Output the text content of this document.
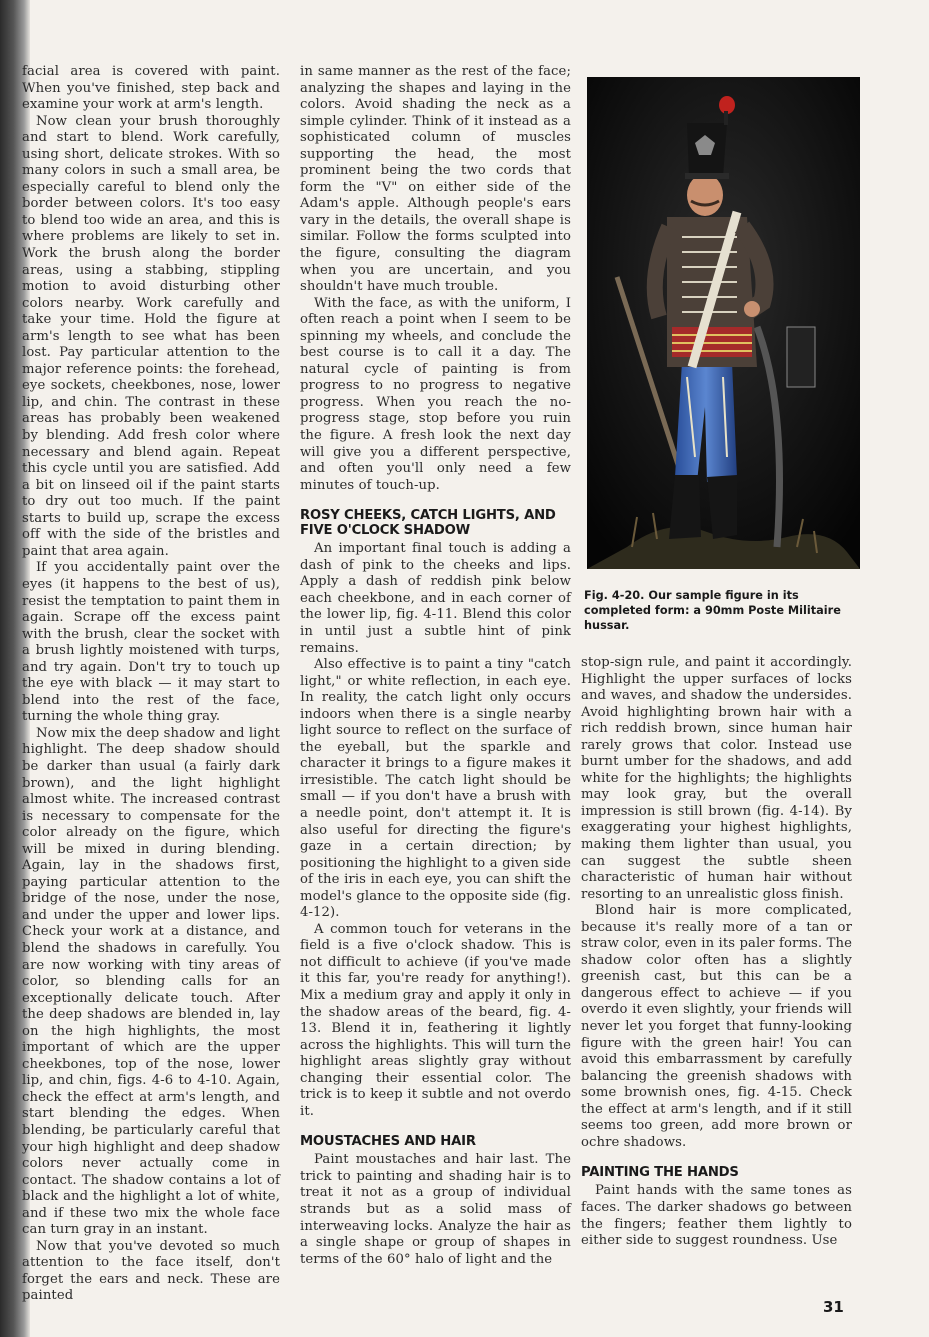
facial area is covered with paint. When you've finished, step back and examine your work at arm's length.

Now clean your brush thoroughly and start to blend. Work carefully, using short, delicate strokes. With so many colors in such a small area, be especially careful to blend only the border between colors. It's too easy to blend too wide an area, and this is where problems are likely to set in. Work the brush along the border areas, using a stabbing, stippling motion to avoid disturbing other colors nearby. Work carefully and take your time. Hold the figure at arm's length to see what has been lost. Pay particular attention to the major reference points: the forehead, eye sockets, cheekbones, nose, lower lip, and chin. The contrast in these areas has probably been weakened by blending. Add fresh color where necessary and blend again. Repeat this cycle until you are satisfied. Add a bit on linseed oil if the paint starts to dry out too much. If the paint starts to build up, scrape the excess off with the side of the bristles and paint that area again.

If you accidentally paint over the eyes (it happens to the best of us), resist the temptation to paint them in again. Scrape off the excess paint with the brush, clear the socket with a brush lightly moistened with turps, and try again. Don't try to touch up the eye with black — it may start to blend into the rest of the face, turning the whole thing gray.

Now mix the deep shadow and light highlight. The deep shadow should be darker than usual (a fairly dark brown), and the light highlight almost white. The increased contrast is necessary to compensate for the color already on the figure, which will be mixed in during blending. Again, lay in the shadows first, paying particular attention to the bridge of the nose, under the nose, and under the upper and lower lips. Check your work at a distance, and blend the shadows in carefully. You are now working with tiny areas of color, so blending calls for an exceptionally delicate touch. After the deep shadows are blended in, lay on the high highlights, the most important of which are the upper cheekbones, top of the nose, lower lip, and chin, figs. 4-6 to 4-10. Again, check the effect at arm's length, and start blending the edges. When blending, be particularly careful that your high highlight and deep shadow colors never actually come in contact. The shadow contains a lot of black and the highlight a lot of white, and if these two mix the whole face can turn gray in an instant.

Now that you've devoted so much attention to the face itself, don't forget the ears and neck. These are painted

in same manner as the rest of the face; analyzing the shapes and laying in the colors. Avoid shading the neck as a simple cylinder. Think of it instead as a sophisticated column of muscles supporting the head, the most prominent being the two cords that form the "V" on either side of the Adam's apple. Although people's ears vary in the details, the overall shape is similar. Follow the forms sculpted into the figure, consulting the diagram when you are uncertain, and you shouldn't have much trouble.

With the face, as with the uniform, I often reach a point when I seem to be spinning my wheels, and conclude the best course is to call it a day. The natural cycle of painting is from progress to no progress to negative progress. When you reach the no-progress stage, stop before you ruin the figure. A fresh look the next day will give you a different perspective, and often you'll only need a few minutes of touch-up.

ROSY CHEEKS, CATCH LIGHTS, AND FIVE O'CLOCK SHADOW

An important final touch is adding a dash of pink to the cheeks and lips. Apply a dash of reddish pink below each cheekbone, and in each corner of the lower lip, fig. 4-11. Blend this color in until just a subtle hint of pink remains.

Also effective is to paint a tiny "catch light," or white reflection, in each eye. In reality, the catch light only occurs indoors when there is a single nearby light source to reflect on the surface of the eyeball, but the sparkle and character it brings to a figure makes it irresistible. The catch light should be small — if you don't have a brush with a needle point, don't attempt it. It is also useful for directing the figure's gaze in a certain direction; by positioning the highlight to a given side of the iris in each eye, you can shift the model's glance to the opposite side (fig. 4-12).

A common touch for veterans in the field is a five o'clock shadow. This is not difficult to achieve (if you've made it this far, you're ready for anything!). Mix a medium gray and apply it only in the shadow areas of the beard, fig. 4-13. Blend it in, feathering it lightly across the highlights. This will turn the highlight areas slightly gray without changing their essential color. The trick is to keep it subtle and not overdo it.

MOUSTACHES AND HAIR

Paint moustaches and hair last. The trick to painting and shading hair is to treat it not as a group of individual strands but as a solid mass of interweaving locks. Analyze the hair as a single shape or group of shapes in terms of the 60° halo of light and the

Fig. 4-20. Our sample figure in its completed form: a 90mm Poste Militaire hussar.

stop-sign rule, and paint it accordingly. Highlight the upper surfaces of locks and waves, and shadow the undersides. Avoid highlighting brown hair with a rich reddish brown, since human hair rarely grows that color. Instead use burnt umber for the shadows, and add white for the highlights; the highlights may look gray, but the overall impression is still brown (fig. 4-14). By exaggerating your highest highlights, making them lighter than usual, you can suggest the subtle sheen characteristic of human hair without resorting to an unrealistic gloss finish.

Blond hair is more complicated, because it's really more of a tan or straw color, even in its paler forms. The shadow color often has a slightly greenish cast, but this can be a dangerous effect to achieve — if you overdo it even slightly, your friends will never let you forget that funny-looking figure with the green hair! You can avoid this embarrassment by carefully balancing the greenish shadows with some brownish ones, fig. 4-15. Check the effect at arm's length, and if it still seems too green, add more brown or ochre shadows.

PAINTING THE HANDS

Paint hands with the same tones as faces. The darker shadows go between the fingers; feather them lightly to either side to suggest roundness. Use

31
